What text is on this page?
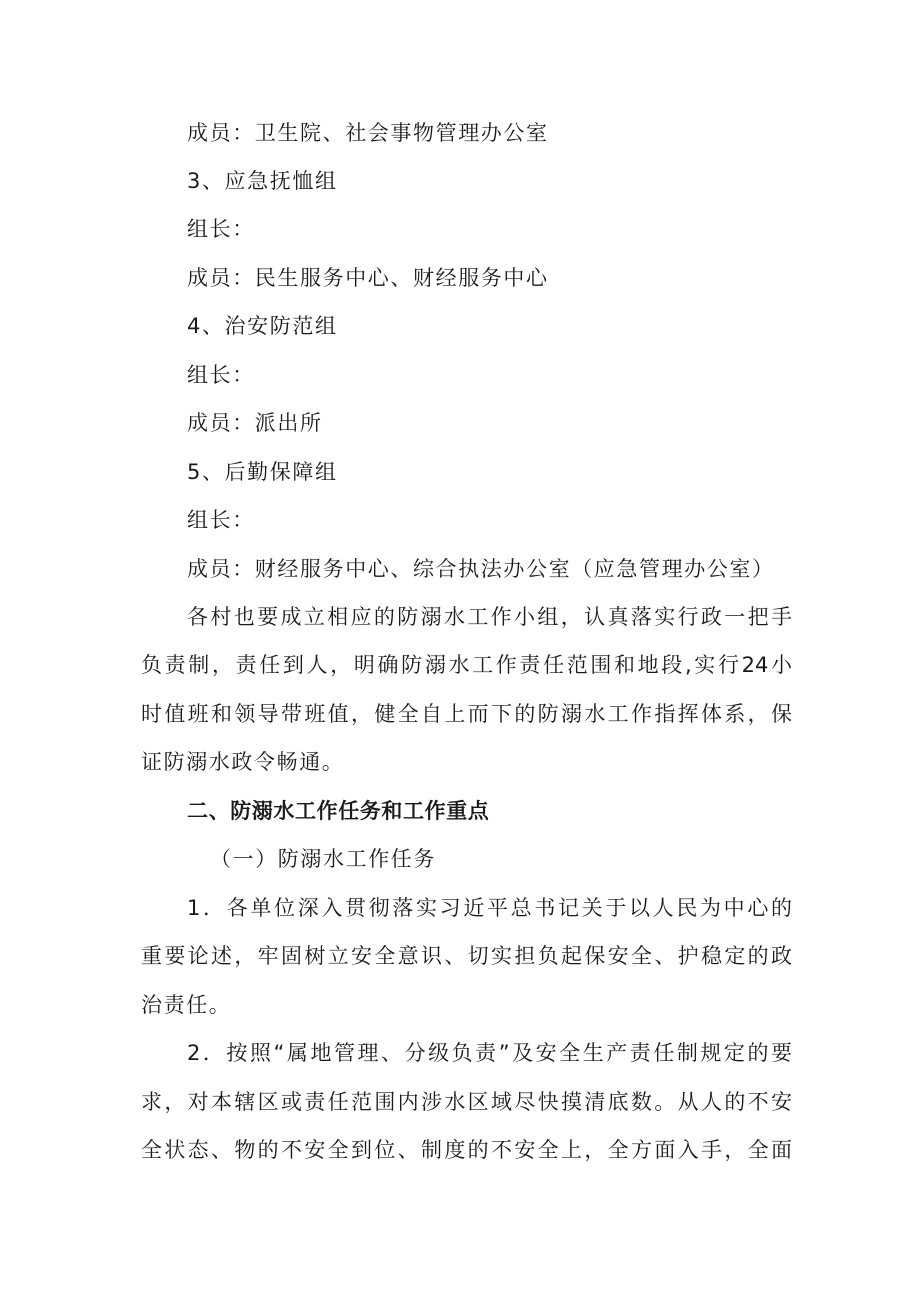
成员：卫生院、社会事物管理办公室
3、应急抚恤组
组长：
成员：民生服务中心、财经服务中心
4、治安防范组
组长：
成员：派出所
5、后勤保障组
组长：
成员：财经服务中心、综合执法办公室（应急管理办公室）
各村也要成立相应的防溺水工作小组，认真落实行政一把手
负责制，责任到人，明确防溺水工作责任范围和地段,实行24小
时值班和领导带班值，健全自上而下的防溺水工作指挥体系，保
证防溺水政令畅通。
二、防溺水工作任务和工作重点
（一）防溺水工作任务
1．各单位深入贯彻落实习近平总书记关于以人民为中心的
重要论述，牢固树立安全意识、切实担负起保安全、护稳定的政
治责任。
2．按照“属地管理、分级负责”及安全生产责任制规定的要
求，对本辖区或责任范围内涉水区域尽快摸清底数。从人的不安
全状态、物的不安全到位、制度的不安全上，全方面入手，全面
